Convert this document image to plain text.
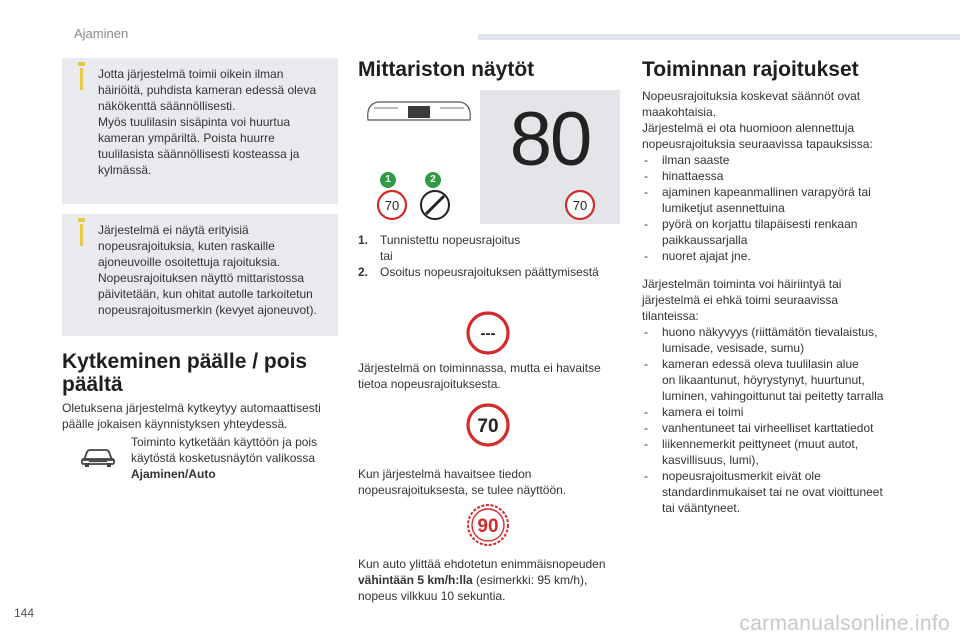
Ajaminen

Jotta järjestelmä toimii oikein ilman

häiriöitä, puhdista kameran edessä oleva

näkökenttä säännöllisesti.

Myös tuulilasin sisäpinta voi huurtua

kameran ympäriltä. Poista huurre

tuulilasista säännöllisesti kosteassa ja

kylmässä.

Järjestelmä ei näytä erityisiä

nopeusrajoituksia, kuten raskaille

ajoneuvoille osoitettuja rajoituksia.

Nopeusrajoituksen näyttö mittaristossa

päivitetään, kun ohitat autolle tarkoitetun

nopeusrajoitusmerkin (kevyet ajoneuvot).

Kytkeminen päälle / pois
päältä
Oletuksena järjestelmä kytkeytyy automaattisesti
päälle jokaisen käynnistyksen yhteydessä.
Toiminto kytketään käyttöön ja pois
käytöstä kosketusnäytön valikossa
Ajaminen/Auto
Mittariston näytöt
80
1	2
70	70
1. Tunnistettu nopeusrajoitus
tai
2. Osoitus nopeusrajoituksen päättymisestä
---
Järjestelmä on toiminnassa, mutta ei havaitse
tietoa nopeusrajoituksesta.
70
Kun järjestelmä havaitsee tiedon
nopeusrajoituksesta, se tulee näyttöön.
90
Kun auto ylittää ehdotetun enimmäisnopeuden
vähintään 5 km/h:lla (esimerkki: 95 km/h),
nopeus vilkkuu 10 sekuntia.
Toiminnan rajoitukset
Nopeusrajoituksia koskevat säännöt ovat
maakohtaisia.
Järjestelmä ei ota huomioon alennettuja
nopeusrajoituksia seuraavissa tapauksissa:
- ilman saaste
- hinattaessa
- ajaminen kapeanmallinen varapyörä tai
lumiketjut asennettuina
- pyörä on korjattu tilapäisesti renkaan
paikkaussarjalla
- nuoret ajajat jne.
Järjestelmän toiminta voi häiriintyä tai
järjestelmä ei ehkä toimi seuraavissa
tilanteissa:
- huono näkyvyys (riittämätön tievalaistus,
lumisade, vesisade, sumu)
- kameran edessä oleva tuulilasin alue
on likaantunut, höyrystynyt, huurtunut,
luminen, vahingoittunut tai peitetty tarralla
- kamera ei toimi
- vanhentuneet tai virheelliset karttatiedot
- liikennemerkit peittyneet (muut autot,
kasvillisuus, lumi),
- nopeusrajoitusmerkit eivät ole
standardinmukaiset tai ne ovat vioittuneet
tai vääntyneet.
144	carmanualsonline.info
